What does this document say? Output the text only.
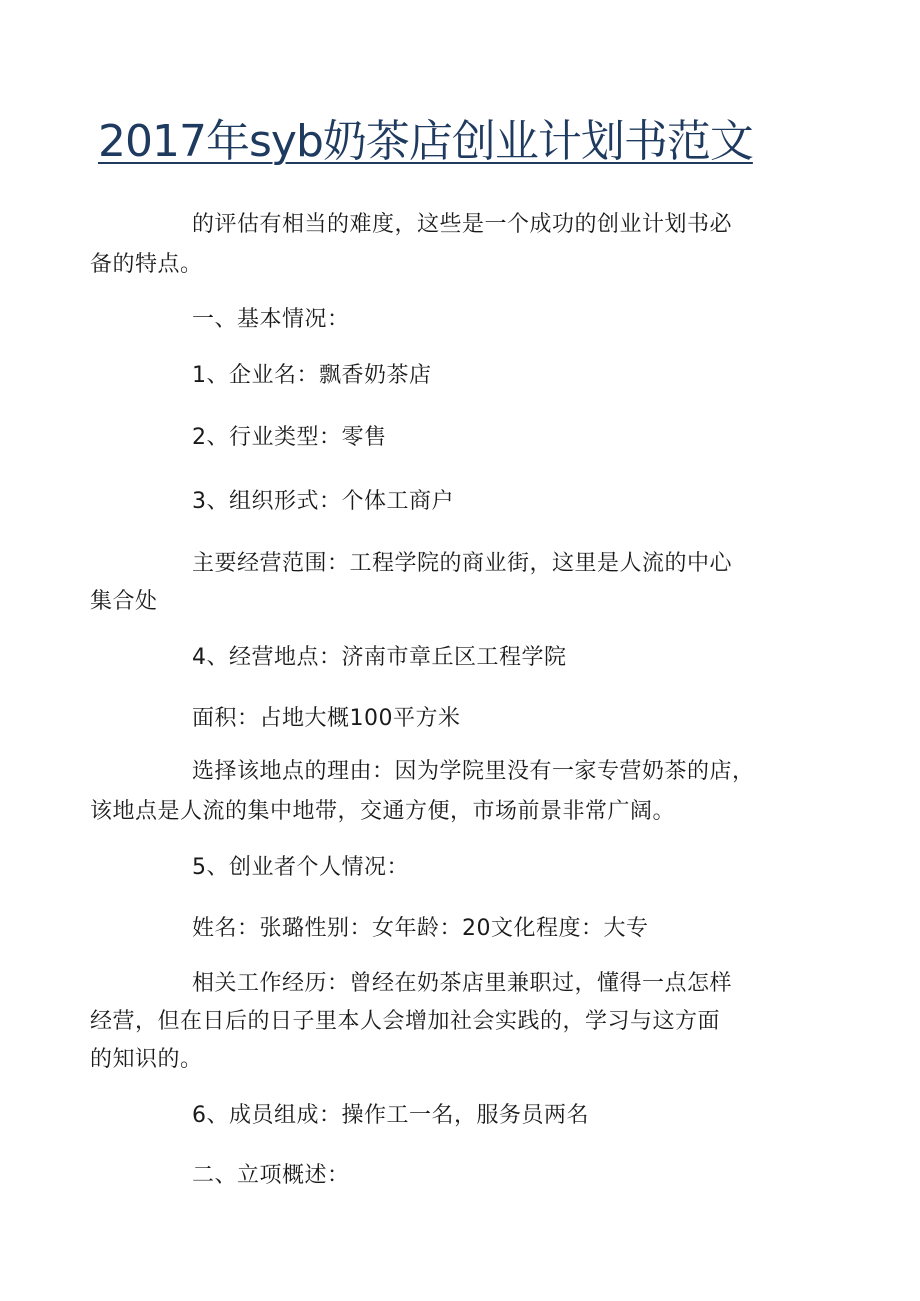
2017年syb奶茶店创业计划书范文
的评估有相当的难度，这些是一个成功的创业计划书必
备的特点。
一、基本情况：
1、企业名：飘香奶茶店
2、行业类型：零售
3、组织形式：个体工商户
主要经营范围：工程学院的商业街，这里是人流的中心
集合处
4、经营地点：济南市章丘区工程学院
面积：占地大概100平方米
选择该地点的理由：因为学院里没有一家专营奶茶的店，
该地点是人流的集中地带，交通方便，市场前景非常广阔。
5、创业者个人情况：
姓名：张璐性别：女年龄：20文化程度：大专
相关工作经历：曾经在奶茶店里兼职过，懂得一点怎样
经营，但在日后的日子里本人会增加社会实践的，学习与这方面
的知识的。
6、成员组成：操作工一名，服务员两名
二、立项概述：
